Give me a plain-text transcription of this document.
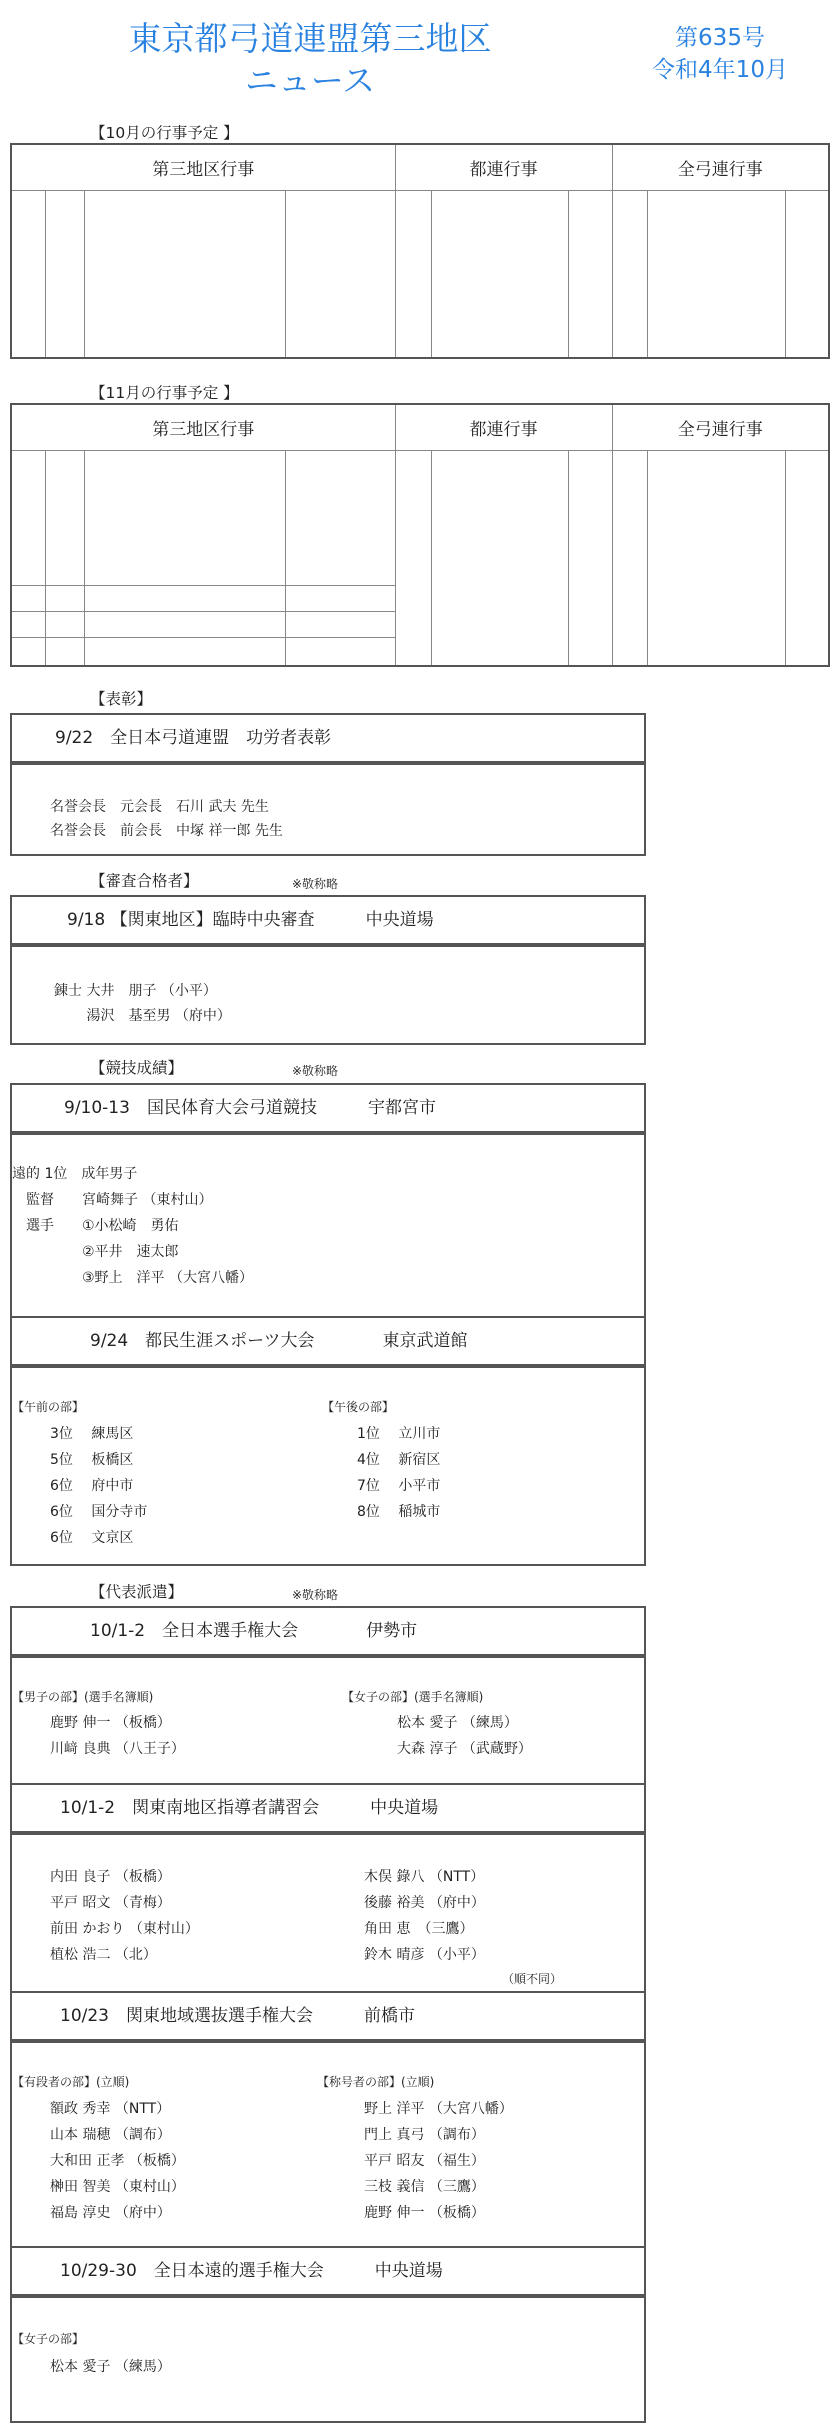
東京都弓道連盟第三地区
ニュース
第635号
令和4年10月
【10月の行事予定 】
第三地区行事	都連行事	全弓連行事

【11月の行事予定 】
第三地区行事	都連行事	全弓連行事

【表彰】
9/22　全日本弓道連盟　功労者表彰
名誉会長　元会長　石川 武夫 先生
名誉会長　前会長　中塚 祥一郎 先生
【審査合格者】	※敬称略
9/18 【関東地区】臨時中央審査　　　中央道場
錬士 大井　朋子 （小平）
　　 湯沢　基至男 （府中）
【競技成績】	※敬称略
9/10-13　国民体育大会弓道競技　　　宇都宮市
遠的 1位　成年男子
　監督　　宮崎舞子 （東村山）
　選手　　①小松崎　勇佑
　　　　　②平井　速太郎
　　　　　③野上　洋平 （大宮八幡）
9/24　都民生涯スポーツ大会　　　　東京武道館
【午前の部】
3位　 練馬区
5位　 板橋区
6位　 府中市
6位　 国分寺市
6位　 文京区
【午後の部】
1位　 立川市
4位　 新宿区
7位　 小平市
8位　 稲城市
【代表派遣】	※敬称略
10/1-2　全日本選手権大会　　　　伊勢市
【男子の部】(選手名簿順)
鹿野 伸一 （板橋）
川﨑 良典 （八王子）
【女子の部】(選手名簿順)
松本 愛子 （練馬）
大森 淳子 （武蔵野）
10/1-2　関東南地区指導者講習会　　　中央道場
内田 良子 （板橋）
平戸 昭文 （青梅）
前田 かおり （東村山）
植松 浩二 （北）
木俣 錄八 （NTT）
後藤 裕美 （府中）
角田 恵　（三鷹）
鈴木 晴彦 （小平）
（順不同）
10/23　関東地域選抜選手権大会　　　前橋市
【有段者の部】(立順)
額政 秀幸 （NTT）
山本 瑞穂 （調布）
大和田 正孝 （板橋）
榊田 智美 （東村山）
福島 淳史 （府中）
【称号者の部】(立順)
野上 洋平 （大宮八幡）
門上 真弓 （調布）
平戸 昭友 （福生）
三枝 義信 （三鷹）
鹿野 伸一 （板橋）
10/29-30　全日本遠的選手権大会　　　中央道場
【女子の部】
松本 愛子 （練馬）
